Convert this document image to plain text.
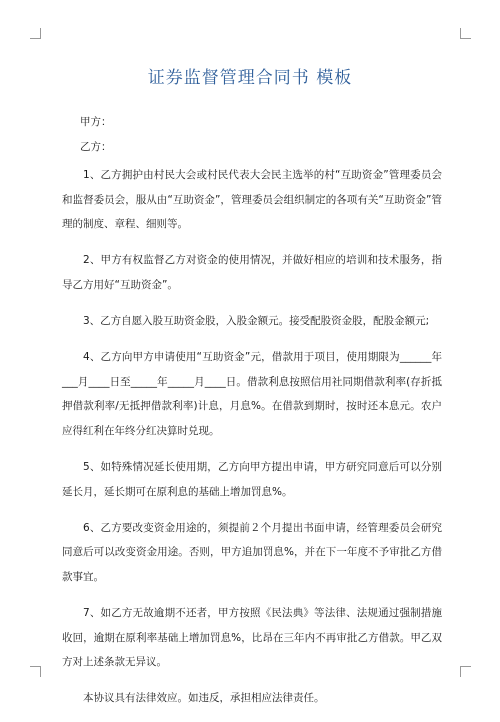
证券监督管理合同书 模板

甲方：

乙方：

1、乙方拥护由村民大会或村民代表大会民主选举的村“互助资金”管理委员会和监督委员会，服从由“互助资金”，管理委员会组织制定的各项有关“互助资金”管理的制度、章程、细则等。

2、甲方有权监督乙方对资金的使用情况，并做好相应的培训和技术服务，指导乙方用好“互助资金”。

3、乙方自愿入股互助资金股，入股金额元。接受配股资金股，配股金额元;

4、乙方向甲方申请使用“互助资金”元，借款用于项目，使用期限为______年___月____日至_____年_____月____日。借款利息按照信用社同期借款利率(存折抵押借款利率/无抵押借款利率)计息，月息%。在借款到期时，按时还本息元。农户应得红利在年终分红决算时兑现。

5、如特殊情况延长使用期，乙方向甲方提出申请，甲方研究同意后可以分别延长月，延长期可在原利息的基础上增加罚息%。

6、乙方要改变资金用途的，须提前２个月提出书面申请，经管理委员会研究同意后可以改变资金用途。否则，甲方追加罚息%，并在下一年度不予审批乙方借款事宜。

7、如乙方无故逾期不还者，甲方按照《民法典》等法律、法规通过强制措施收回，逾期在原利率基础上增加罚息%，比昂在三年内不再审批乙方借款。甲乙双方对上述条款无异议。

本协议具有法律效应。如违反，承担相应法律责任。
